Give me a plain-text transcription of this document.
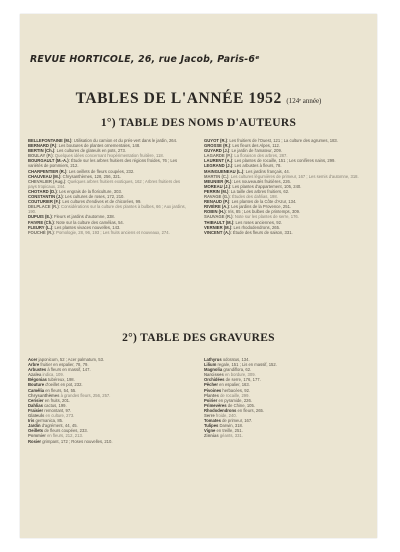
REVUE HORTICOLE, 26, rue Jacob, Paris-6ᵉ
TABLES DE L'ANNÉE 1952 (124ᵉ année)
1°) TABLE DES NOMS D'AUTEURS

BELLEFONTAINE (M.): Utilisation du camion et du prés-vert dans le jardin, 264.

BERNARD (P.): Les boutures de plantes ornementales, 148.

BERTIN (Ch.): Les cultures de glaïeuls en pots, 273.

BOULAY (P.): Quelques idées concernant l'expérimentation fruitière, 118.

BOURGAULT (M.-A.): Étude sur les arbres fruitiers des régions froides, 76 ; Les variétés de pommiers, 212.

CHARPENTIER (R.): Les oeillets de fleurs coupées, 232.

CHAUVEAU (M.): Chrysanthèmes, 128, 256, 321.

CHEVALIER (Aug.): Quelques arbres fruitiers exotiques, 162 ; Arbres fruitiers des pays tropicaux, 244.

CHOTARD (D.): Les engrais de la floriculture, 303.

CONSTANTIN (J.): Les cultures de roses, 172, 210.

COUTURIER (F.): Les cultures d'endives et de chicorées, 99.

DELPLACE (R.): Considérations sur la culture des plantes à bulbes, 66 ; Aux jardins, 190.

DUPUIS (E.): Fleurs et jardins d'automne, 338.

FAIVRE (Ch.): Note sur la culture des camélias, 54.

FLEURY (L.): Les plantes vivaces nouvelles, 143.

FOUCHÉ (R.): Pomologie, 28, 96, 193 ; Les fruits anciens et nouveaux, 274.

GUYOT (R.): Les fruitiers de l'Ouest, 121 ; La culture des agrumes, 183.

GROSSE (R.): Les fleurs des Alpes, 112.

GUYARD (J.): Le jardin de l'amateur, 209.

LAGARDE (P.): La floraison des arbres, 287.

LAURENT (A.): Les plantes de rocaille, 151 ; Les conifères nains, 299.

LEGRAND (J.): Les arbustes à fleurs, 78.

MAINGUENEAU (L.): Les jardins français, 44.

MARTIN (C.): Les cultures légumières de primeur, 167 ; Les semis d'automne, 318.

MEUNIER (R.): Les nouveautés fruitières, 226.

MOREAU (J.): Les plantes d'appartement, 105, 240.

PERRIN (M.): La taille des arbres fruitiers, 62.

RAVAGE (G.): Études des dahlias, 198.

RENAUD (P.): Les plantes de la Côte d'Azur, 134.

RIVIÈRE (A.): Les jardins de la Provence, 251.

ROBIN (H.): Iris, 85 ; Les bulbes de printemps, 309.

SAUVAGE (R.): Note sur les plantes de serre, 176.

THIBAULT (M.): Les roses anciennes, 92.

VERNIER (M.): Les rhododendrons, 265.

VINCENT (A.): Étude des fleurs de saison, 331.

2°) TABLE DES GRAVURES

Acer japonicum, 52 ; Acer palmatum, 53.

Arbre fruitier en espalier, 78, 79.

Arbustes à fleurs en massif, 147.

Azalea indica, 109.

Bégonias tubéreux, 198.

Bouture d'oeillet en pot, 232.

Camélia en fleurs, 54, 55.

Chrysanthèmes à grandes fleurs, 256, 257.

Cerisier en fruits, 201.

Dahlias cactus, 199.

Fraisier remontant, 97.

Glaïeuls en culture, 273.

Iris germanica, 85.

Jardin d'agrément, 44, 45.

Oeillets de fleurs coupées, 233.

Pommier en fleurs, 212, 213.

Rosier grimpant, 172 ; Roses nouvelles, 210.

Lathyrus odoratus, 134.

Lilium regale, 151 ; Lis en massif, 152.

Magnolia grandiflora, 62.

Narcisses en bordure, 309.

Orchidées de serre, 176, 177.

Pêcher en espalier, 163.

Pivoines herbacées, 92.

Plantes de rocaille, 299.

Poirier en pyramide, 226.

Primevères de Chine, 105.

Rhododendrons en fleurs, 265.

Serre froide, 240.

Tomates de primeur, 167.

Tulipes Darwin, 318.

Vigne en treille, 251.

Zinnias géants, 331.
